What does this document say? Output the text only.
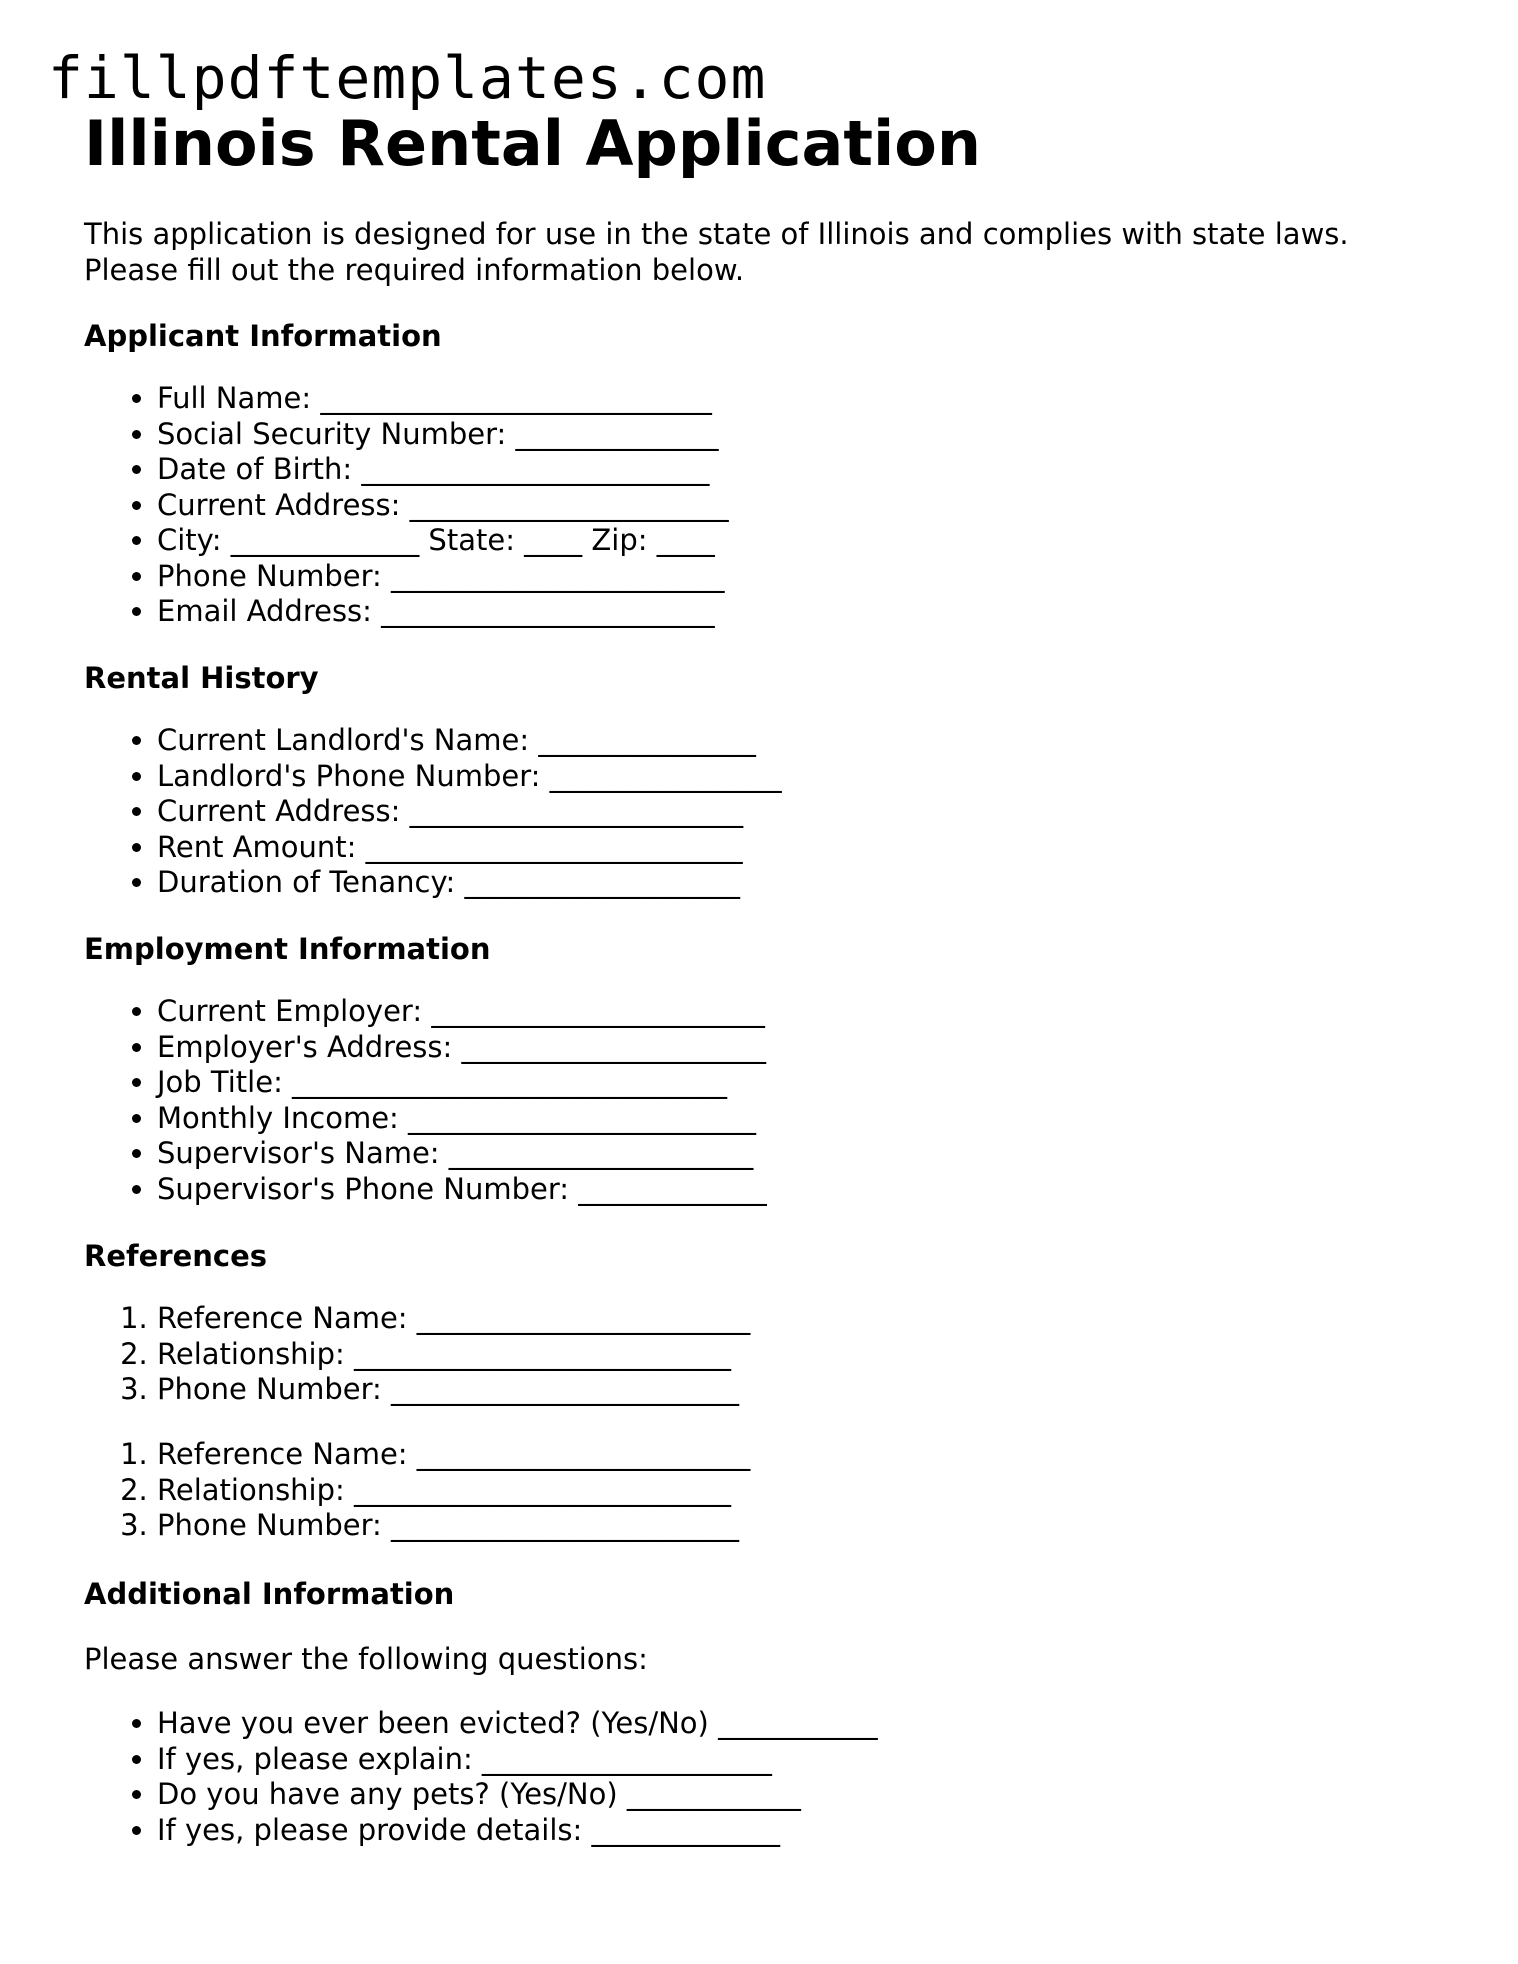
fillpdftemplates.com
Illinois Rental Application

This application is designed for use in the state of Illinois and complies with state laws.
Please fill out the required information below.

Applicant Information
• Full Name: ___________________________
• Social Security Number: ______________
• Date of Birth: ________________________
• Current Address: ______________________
• City: _____________ State: ____ Zip: ____
• Phone Number: _______________________
• Email Address: _______________________
Rental History
• Current Landlord's Name: _______________
• Landlord's Phone Number: ________________
• Current Address: _______________________
• Rent Amount: __________________________
• Duration of Tenancy: ___________________
Employment Information
• Current Employer: _______________________
• Employer's Address: _____________________
• Job Title: ______________________________
• Monthly Income: ________________________
• Supervisor's Name: _____________________
• Supervisor's Phone Number: _____________
References
1. Reference Name: _______________________
2. Relationship: __________________________
3. Phone Number: ________________________
1. Reference Name: _______________________
2. Relationship: __________________________
3. Phone Number: ________________________
Additional Information

Please answer the following questions:

• Have you ever been evicted? (Yes/No) ___________
• If yes, please explain: ____________________
• Do you have any pets? (Yes/No) ____________
• If yes, please provide details: _____________
